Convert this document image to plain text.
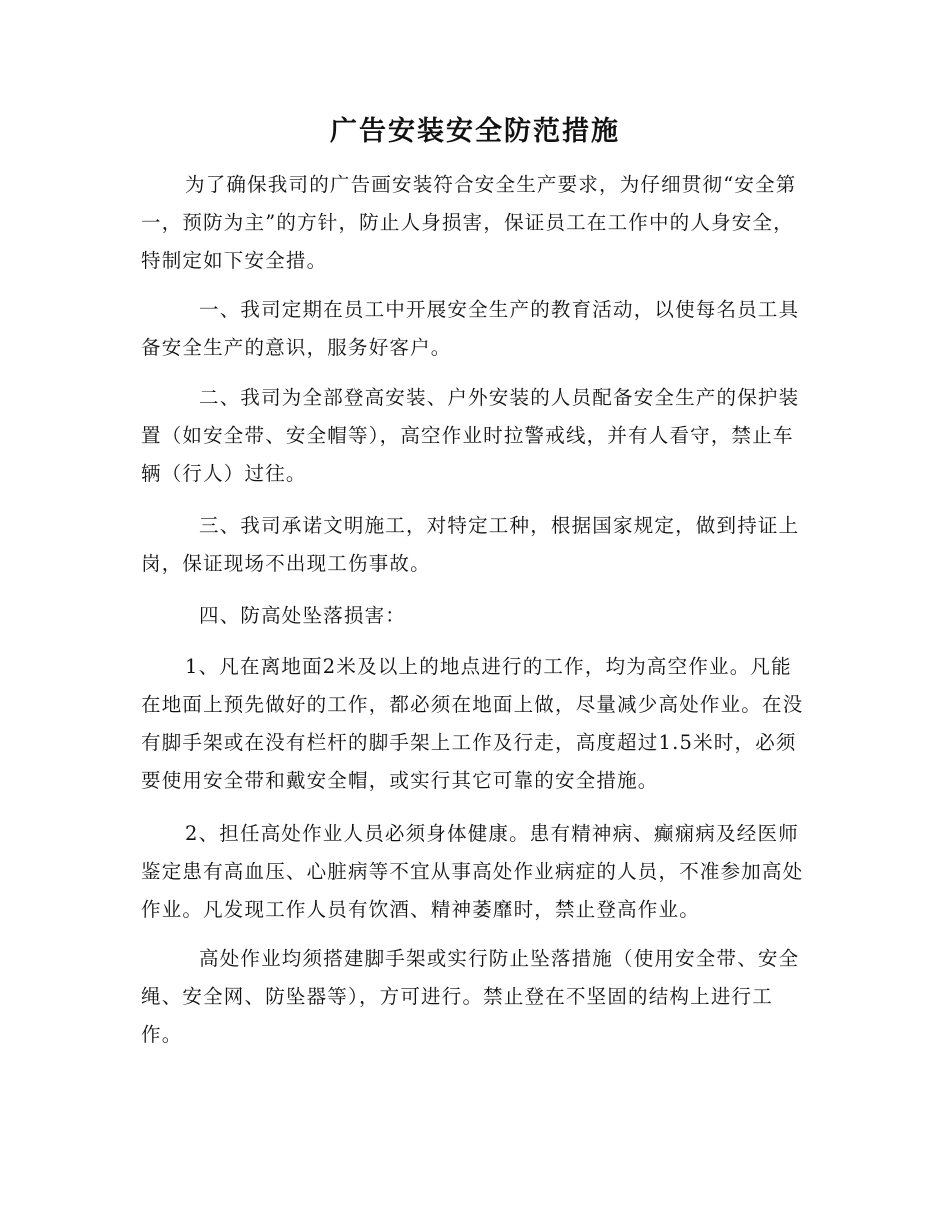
广告安装安全防范措施

为了确保我司的广告画安装符合安全生产要求，为仔细贯彻“安全第一，预防为主”的方针，防止人身损害，保证员工在工作中的人身安全，特制定如下安全措。

一、我司定期在员工中开展安全生产的教育活动，以使每名员工具备安全生产的意识，服务好客户。

二、我司为全部登高安装、户外安装的人员配备安全生产的保护装置（如安全带、安全帽等），高空作业时拉警戒线，并有人看守，禁止车辆（行人）过往。

三、我司承诺文明施工，对特定工种，根据国家规定，做到持证上岗，保证现场不出现工伤事故。

四、防高处坠落损害：

1、凡在离地面2米及以上的地点进行的工作，均为高空作业。凡能在地面上预先做好的工作，都必须在地面上做，尽量减少高处作业。在没有脚手架或在没有栏杆的脚手架上工作及行走，高度超过1.5米时，必须要使用安全带和戴安全帽，或实行其它可靠的安全措施。

2、担任高处作业人员必须身体健康。患有精神病、癫痫病及经医师鉴定患有高血压、心脏病等不宜从事高处作业病症的人员，不准参加高处作业。凡发现工作人员有饮酒、精神萎靡时，禁止登高作业。

高处作业均须搭建脚手架或实行防止坠落措施（使用安全带、安全绳、安全网、防坠器等），方可进行。禁止登在不坚固的结构上进行工作。
